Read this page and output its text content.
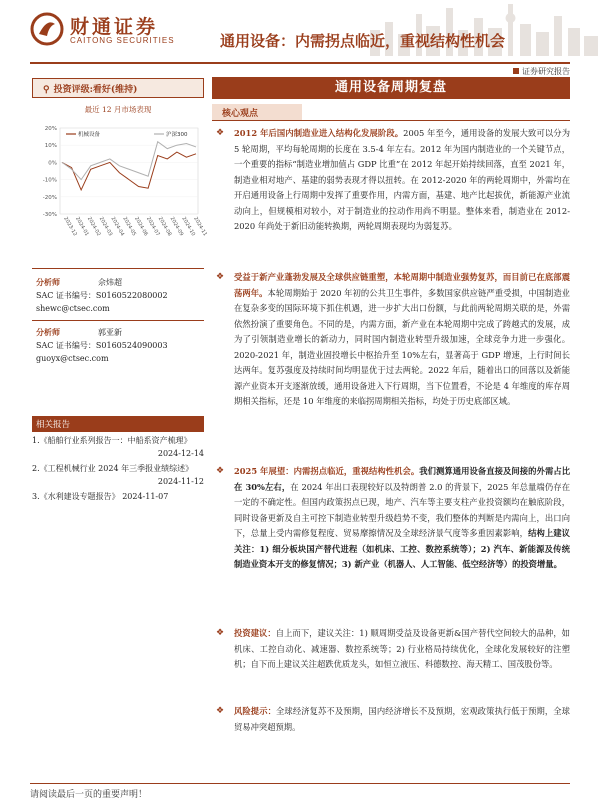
财通证券
CAITONG SECURITIES	通用设备：内需拐点临近，重视结构性机会
证券研究报告
⚲ 投资评级:看好(维持)
最近 12 月市场表现
20%
10%
0%
-10%
-20%
-30%
2023-12
2024-01
2024-02
2024-03
2024-04
2024-05
2024-06
2024-07
2024-08
2024-09
2024-10
2024-11
机械设备	沪深300
分析师	佘炜超
SAC 证书编号：S0160522080002
shewc@ctsec.com
分析师	郭亚新
SAC 证书编号：S0160524090003
guoyx@ctsec.com
相关报告
1.《船舶行业系列报告一：中船系资产梳理》
2024-12-14
2.《工程机械行业 2024 年三季报业绩综述》
2024-11-12
3.《水利建设专题报告》 2024-11-07
通用设备周期复盘
核心观点
❖	2012 年后国内制造业进入结构化发展阶段。2005 年至今，通用设备的发展大致可以分为 5 轮周期，平均每轮周期的长度在 3.5-4 年左右。2012 年为国内制造业的一个关键节点，一个重要的指标“制造业增加值占 GDP 比重”在 2012 年起开始持续回落，直至 2021 年，制造业相对地产、基建的弱势表现才得以扭转。在 2012-2020 年的两轮周期中，外需均在开启通用设备上行周期中发挥了重要作用，内需方面，基建、地产比起拔优，新能源产业流动向上，但规模相对较小，对于制造业的拉动作用尚不明显。整体来看，制造业在 2012-2020 年尚处于新旧动能转换期，两轮周期表现均为弱复苏。
❖	受益于新产业蓬勃发展及全球供应链重塑，本轮周期中制造业强势复苏，而目前已在底部震荡两年。本轮周期始于 2020 年初的公共卫生事件，多数国家供应链严重受损，中国制造业在复杂多变的国际环境下抓住机遇，进一步扩大出口份额，与此前两轮周期关联的是，外需依然扮演了重要角色。不同的是，内需方面，新产业在本轮周期中完成了跨越式的发展，成为了引领制造业增长的新动力，同时国内制造业转型升级加速，全球竞争力进一步强化。2020-2021 年，制造业固投增长中枢抬升至 10%左右，显著高于 GDP 增速，上行时间长达两年。复苏强度及持续时间均明显优于过去两轮。2022 年后，随着出口的回落以及新能源产业资本开支逐渐放缓，通用设备进入下行周期，当下位置看，不论是 4 年维度的库存周期相关指标，还是 10 年维度的来临拐周期相关指标，均处于历史底部区域。
❖	2025 年展望：内需拐点临近，重视结构性机会。我们测算通用设备直接及间接的外需占比在 30%左右，在 2024 年出口表现较好以及特朗普 2.0 的背景下，2025 年总量端仍存在一定的不确定性。但国内政策拐点已现，地产、汽车等主要支柱产业投资额均在触底阶段，同时设备更新及自主可控下制造业转型升级趋势不变，我们整体的判断是内需向上，出口向下，总量上受内需修复程度、贸易摩擦情况及全球经济景气度等多重因素影响，结构上建议关注：1) 细分板块国产替代进程（如机床、工控、数控系统等）；2) 汽车、新能源及传统制造业资本开支的修复情况；3) 新产业（机器人、人工智能、低空经济等）的投资增量。
❖	投资建议：自上而下，建议关注：1) 顺周期受益及设备更新&国产替代空间较大的品种，如机床、工控自动化、减速器、数控系统等；2) 行业格局持续优化，全球化发展较好的注塑机；自下而上建议关注超跌优质龙头，如恒立液压、科德数控、海天精工、国茂股份等。
❖	风险提示：全球经济复苏不及预期，国内经济增长不及预期，宏观政策执行低于预期，全球贸易冲突超预期。
请阅读最后一页的重要声明！
